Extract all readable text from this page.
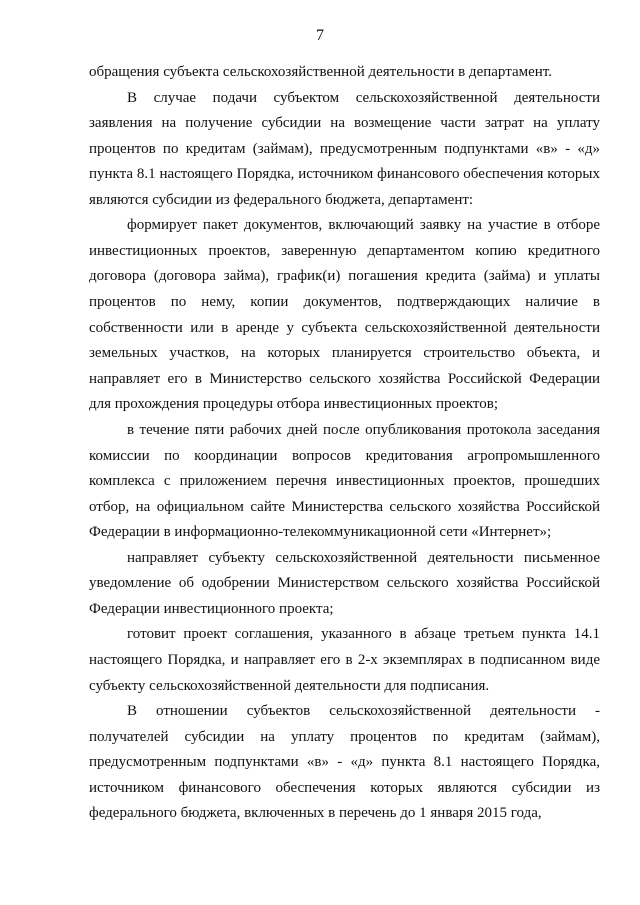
7

обращения субъекта сельскохозяйственной деятельности в департамент.

В случае подачи субъектом сельскохозяйственной деятельности заявления на получение субсидии на возмещение части затрат на уплату процентов по кредитам (займам), предусмотренным подпунктами «в» - «д» пункта 8.1 настоящего Порядка, источником финансового обеспечения которых являются субсидии из федерального бюджета, департамент:

формирует пакет документов, включающий заявку на участие в отборе инвестиционных проектов, заверенную департаментом копию кредитного договора (договора займа), график(и) погашения кредита (займа) и уплаты процентов по нему, копии документов, подтверждающих наличие в собственности или в аренде у субъекта сельскохозяйственной деятельности земельных участков, на которых планируется строительство объекта, и направляет его в Министерство сельского хозяйства Российской Федерации для прохождения процедуры отбора инвестиционных проектов;

в течение пяти рабочих дней после опубликования протокола заседания комиссии по координации вопросов кредитования агропромышленного комплекса с приложением перечня инвестиционных проектов, прошедших отбор, на официальном сайте Министерства сельского хозяйства Российской Федерации в информационно-телекоммуникационной сети «Интернет»;

направляет субъекту сельскохозяйственной деятельности письменное уведомление об одобрении Министерством сельского хозяйства Российской Федерации инвестиционного проекта;

готовит проект соглашения, указанного в абзаце третьем пункта 14.1 настоящего Порядка, и направляет его в 2-х экземплярах в подписанном виде субъекту сельскохозяйственной деятельности для подписания.

В отношении субъектов сельскохозяйственной деятельности - получателей субсидии на уплату процентов по кредитам (займам), предусмотренным подпунктами «в» - «д» пункта 8.1 настоящего Порядка, источником финансового обеспечения которых являются субсидии из федерального бюджета, включенных в перечень до 1 января 2015 года,
